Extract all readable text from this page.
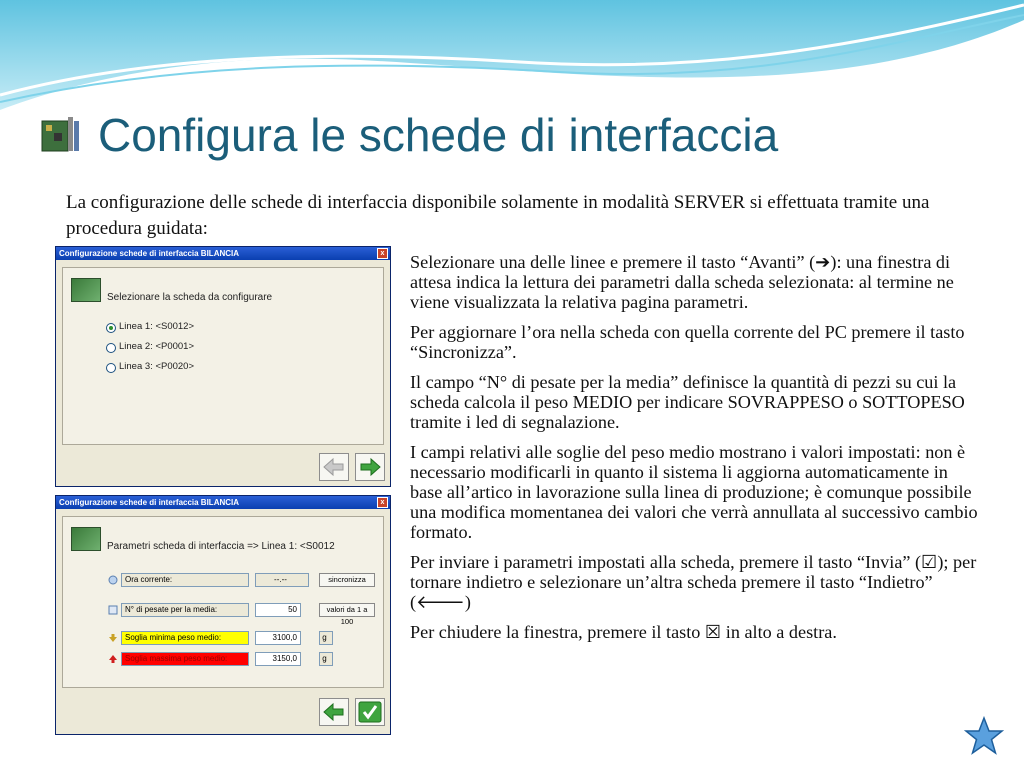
Configura le schede di interfaccia
La configurazione delle schede di interfaccia disponibile solamente in modalità SERVER si effettuata tramite una procedura guidata:

Selezionare una delle linee e premere il tasto “Avanti” (➔): una finestra di attesa indica la lettura dei parametri dalla scheda selezionata: al termine ne viene visualizzata la relativa pagina parametri.

Per aggiornare l’ora nella scheda con quella corrente del PC premere il tasto “Sincronizza”.

Il campo “N° di pesate per la media” definisce la quantità di pezzi su cui la scheda calcola il peso MEDIO per indicare SOVRAPPESO o SOTTOPESO tramite i led di segnalazione.

I campi relativi alle soglie del peso medio mostrano i valori impostati: non è necessario modificarli in quanto il sistema li aggiorna automaticamente in base all’artico in lavorazione sulla linea di produzione; è comunque possibile una modifica momentanea dei valori che verrà annullata al successivo cambio formato.

Per inviare i parametri impostati alla scheda, premere il tasto “Invia” (☑); per tornare indietro e selezionare un’altra scheda premere il tasto “Indietro” (🡐)

Per chiudere la finestra, premere il tasto ☒ in alto a destra.

Configurazione schede di interfaccia BILANCIA	x
Selezionare la scheda da configurare
Linea 1: <S0012>
Linea 2: <P0001>
Linea 3: <P0020>
Configurazione schede di interfaccia BILANCIA	x
Parametri scheda di interfaccia => Linea 1: <S0012
Ora corrente:	--.--	sincronizza
N° di pesate per la media:	50	valori da 1 a 100
Soglia minima peso medio:	3100,0	g
Soglia massima peso medio:	3150,0	g
